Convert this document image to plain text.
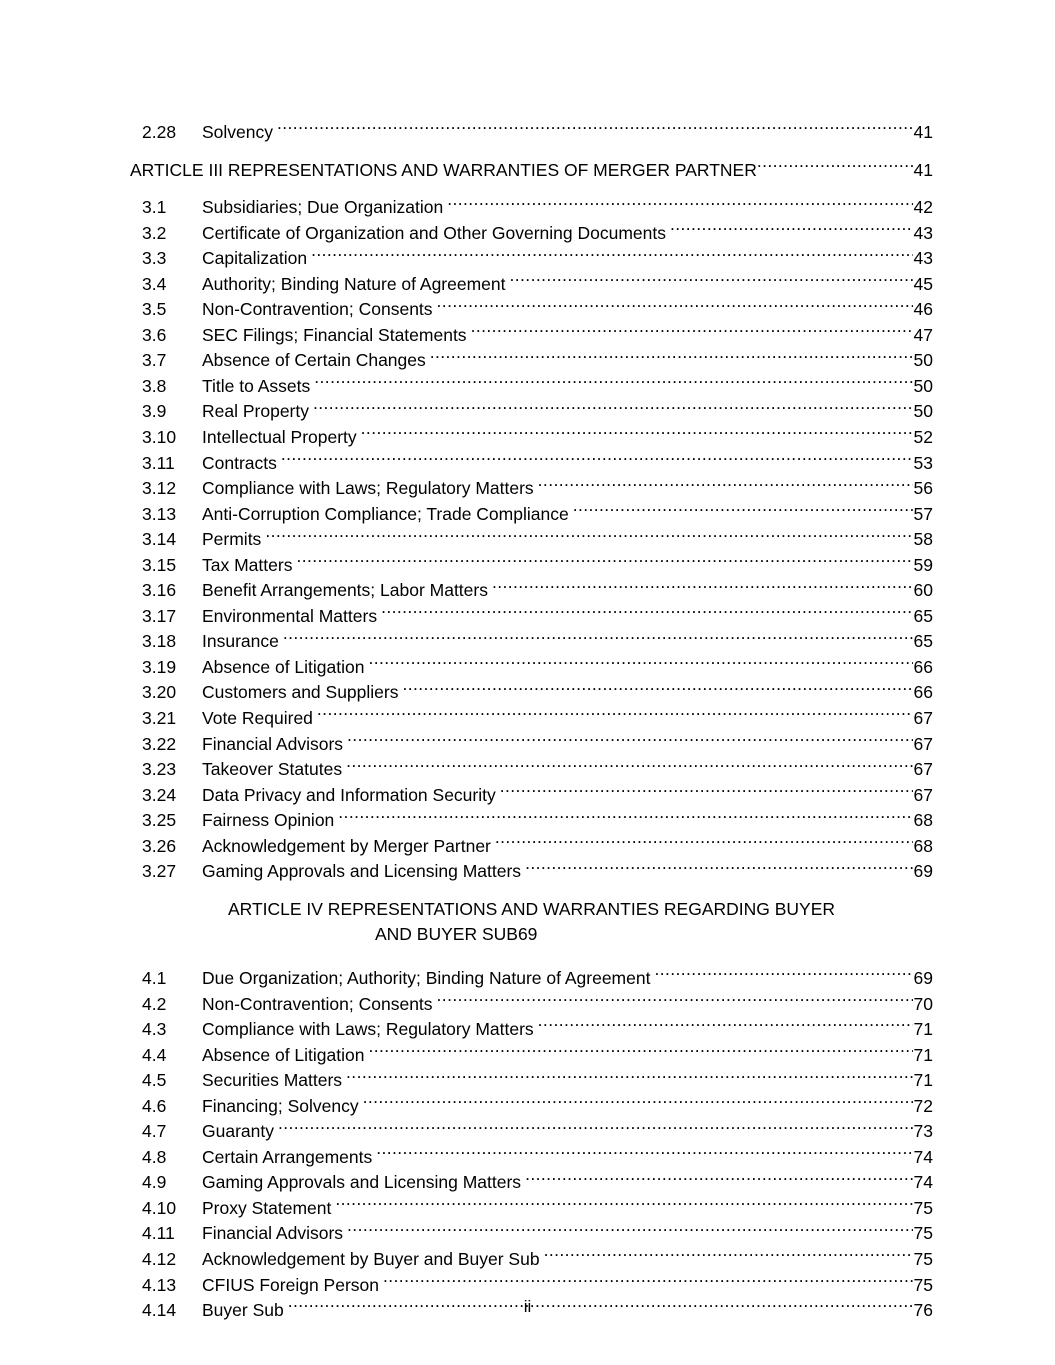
2.28	Solvency .....	41
ARTICLE III REPRESENTATIONS AND WARRANTIES OF MERGER PARTNER .....	41
3.1	Subsidiaries; Due Organization .....	42
3.2	Certificate of Organization and Other Governing Documents .....	43
3.3	Capitalization .....	43
3.4	Authority; Binding Nature of Agreement .....	45
3.5	Non-Contravention; Consents .....	46
3.6	SEC Filings; Financial Statements .....	47
3.7	Absence of Certain Changes .....	50
3.8	Title to Assets .....	50
3.9	Real Property .....	50
3.10	Intellectual Property .....	52
3.11	Contracts .....	53
3.12	Compliance with Laws; Regulatory Matters .....	56
3.13	Anti-Corruption Compliance; Trade Compliance .....	57
3.14	Permits .....	58
3.15	Tax Matters .....	59
3.16	Benefit Arrangements; Labor Matters .....	60
3.17	Environmental Matters .....	65
3.18	Insurance .....	65
3.19	Absence of Litigation .....	66
3.20	Customers and Suppliers .....	66
3.21	Vote Required .....	67
3.22	Financial Advisors .....	67
3.23	Takeover Statutes .....	67
3.24	Data Privacy and Information Security .....	67
3.25	Fairness Opinion .....	68
3.26	Acknowledgement by Merger Partner .....	68
3.27	Gaming Approvals and Licensing Matters .....	69
ARTICLE IV REPRESENTATIONS AND WARRANTIES REGARDING BUYER
AND BUYER SUB 69
4.1	Due Organization; Authority; Binding Nature of Agreement .....	69
4.2	Non-Contravention; Consents .....	70
4.3	Compliance with Laws; Regulatory Matters .....	71
4.4	Absence of Litigation .....	71
4.5	Securities Matters .....	71
4.6	Financing; Solvency .....	72
4.7	Guaranty .....	73
4.8	Certain Arrangements .....	74
4.9	Gaming Approvals and Licensing Matters .....	74
4.10	Proxy Statement .....	75
4.11	Financial Advisors .....	75
4.12	Acknowledgement by Buyer and Buyer Sub .....	75
4.13	CFIUS Foreign Person .....	75
4.14	Buyer Sub .....	76
ii
